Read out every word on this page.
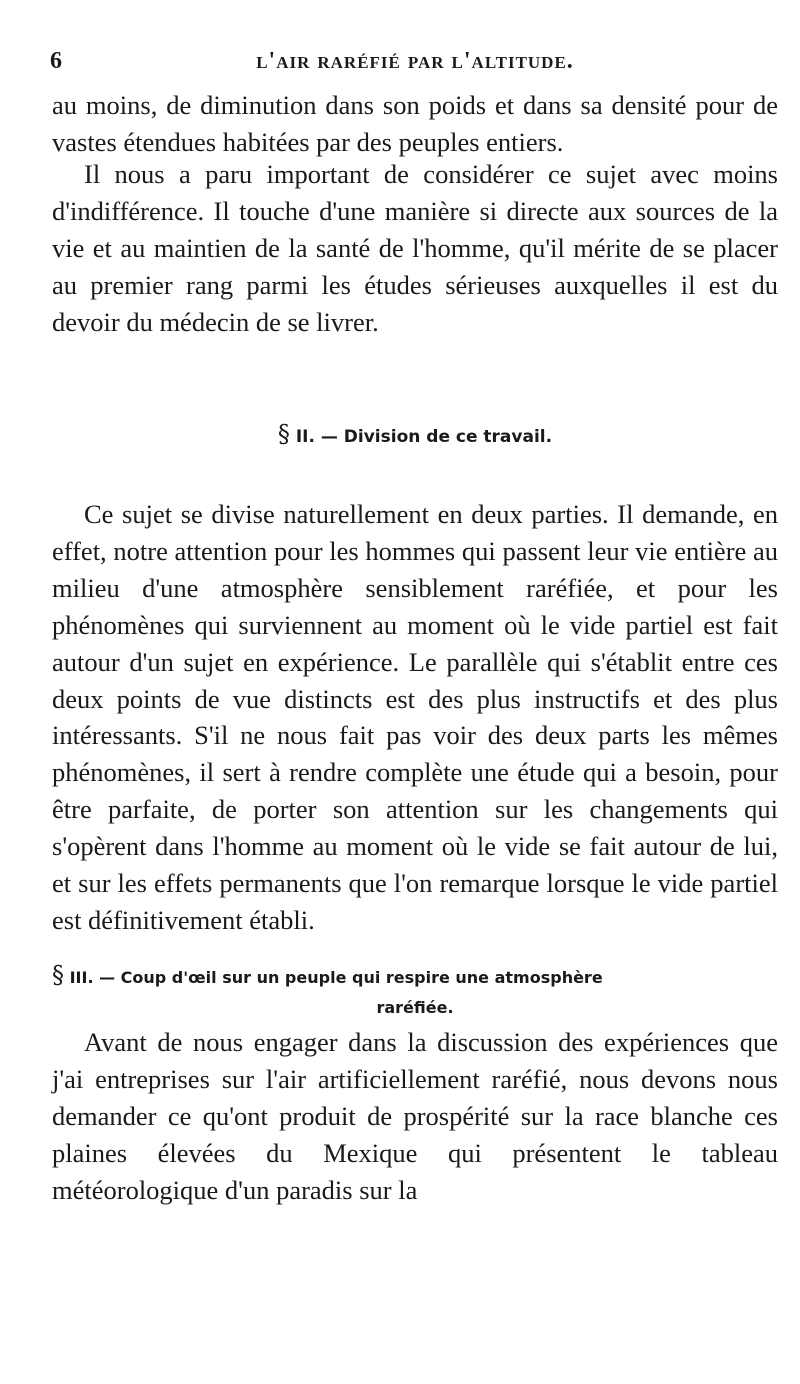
6	l'air raréfié par l'altitude.

au moins, de diminution dans son poids et dans sa densité pour de vastes étendues habitées par des peuples entiers.

Il nous a paru important de considérer ce sujet avec moins d'indifférence. Il touche d'une manière si directe aux sources de la vie et au maintien de la santé de l'homme, qu'il mérite de se placer au premier rang parmi les études sérieuses auxquelles il est du devoir du médecin de se livrer.

§ II. — Division de ce travail.

Ce sujet se divise naturellement en deux parties. Il demande, en effet, notre attention pour les hommes qui passent leur vie entière au milieu d'une atmosphère sensiblement raréfiée, et pour les phénomènes qui surviennent au moment où le vide partiel est fait autour d'un sujet en expérience. Le parallèle qui s'établit entre ces deux points de vue distincts est des plus instructifs et des plus intéressants. S'il ne nous fait pas voir des deux parts les mêmes phénomènes, il sert à rendre complète une étude qui a besoin, pour être parfaite, de porter son attention sur les changements qui s'opèrent dans l'homme au moment où le vide se fait autour de lui, et sur les effets permanents que l'on remarque lorsque le vide partiel est définitivement établi.

§ III. — Coup d'œil sur un peuple qui respire une atmosphère
raréfiée.

Avant de nous engager dans la discussion des expériences que j'ai entreprises sur l'air artificiellement raréfié, nous devons nous demander ce qu'ont produit de prospérité sur la race blanche ces plaines élevées du Mexique qui présentent le tableau météorologique d'un paradis sur la
